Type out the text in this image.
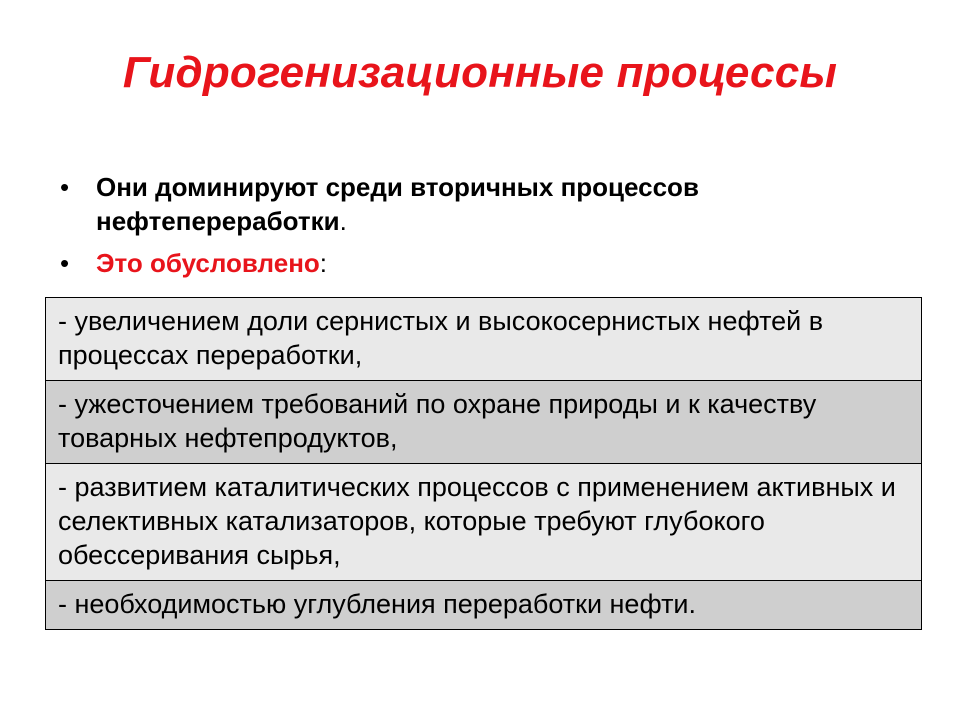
Гидрогенизационные процессы
• Они доминируют среди вторичных процессов нефтепереработки.
• Это обусловлено:
- увеличением доли сернистых и высокосернистых нефтей в процессах переработки,
- ужесточением требований по охране природы и к качеству товарных нефтепродуктов,
- развитием каталитических процессов с применением активных и селективных катализаторов, которые требуют глубокого обессеривания сырья,
- необходимостью углубления переработки нефти.
